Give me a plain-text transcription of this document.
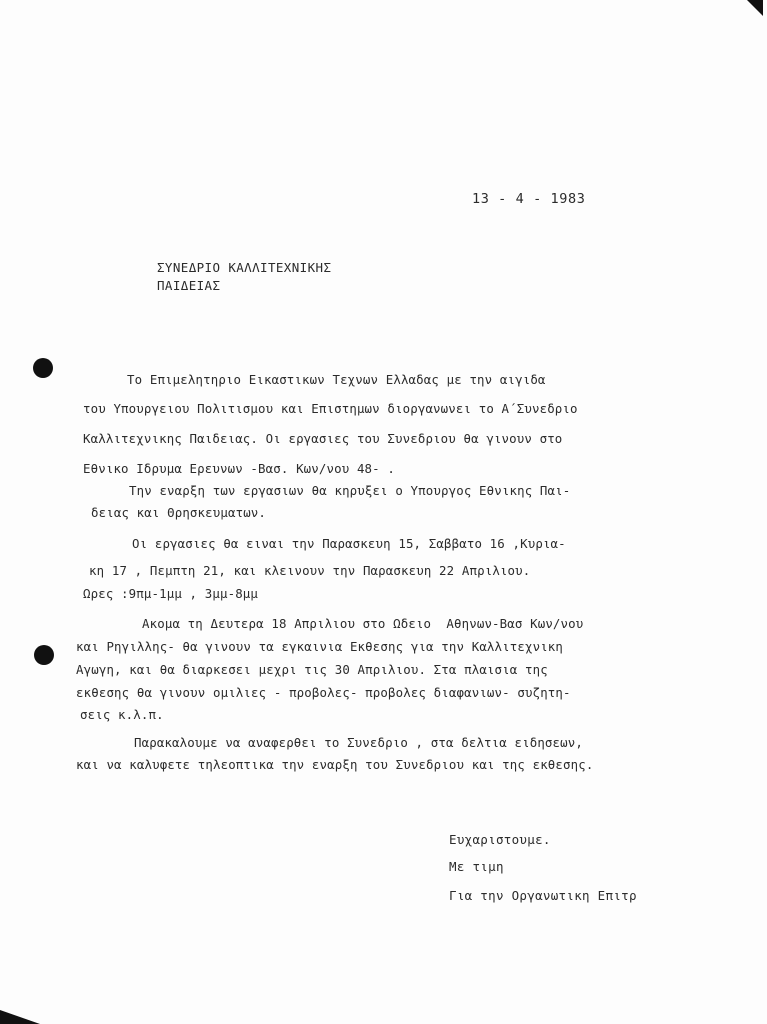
13 - 4 - 1983
ΣΥΝΕΔΡΙΟ ΚΑΛΛΙΤΕΧΝΙΚΗΣ
ΠΑΙΔΕΙΑΣ
Το Επιμελητηριο Εικαστικων Τεχνων Ελλαδας με την αιγιδα
του Υπουργειου Πολιτισμου και Επιστημων διοργανωνει το Α΄Συνεδριο
Καλλιτεχνικης Παιδειας. Οι εργασιες του Συνεδριου θα γινουν στο
Εθνικο Ιδρυμα Ερευνων -Βασ. Κων/νου 48- .
Την εναρξη των εργασιων θα κηρυξει ο Υπουργος Εθνικης Παι-
δειας και Θρησκευματων.
Οι εργασιες θα ειναι την Παρασκευη 15, Σαββατο 16 ,Κυρια-
κη 17 , Πεμπτη 21, και κλεινουν την Παρασκευη 22 Απριλιου.
Ωρες :9πμ-1μμ , 3μμ-8μμ
Ακομα τη Δευτερα 18 Απριλιου στο Ωδειο  Αθηνων-Βασ Κων/νου
και Ρηγιλλης- θα γινουν τα εγκαινια Εκθεσης για την Καλλιτεχνικη
Αγωγη, και θα διαρκεσει μεχρι τις 30 Απριλιου. Στα πλαισια της
εκθεσης θα γινουν ομιλιες - προβολες- προβολες διαφανιων- συζητη-
σεις κ.λ.π.
Παρακαλουμε να αναφερθει το Συνεδριο , στα δελτια ειδησεων,
και να καλυφετε τηλεοπτικα την εναρξη του Συνεδριου και της εκθεσης.
Ευχαριστουμε.
Με τιμη
Για την Οργανωτικη Επιτρ
